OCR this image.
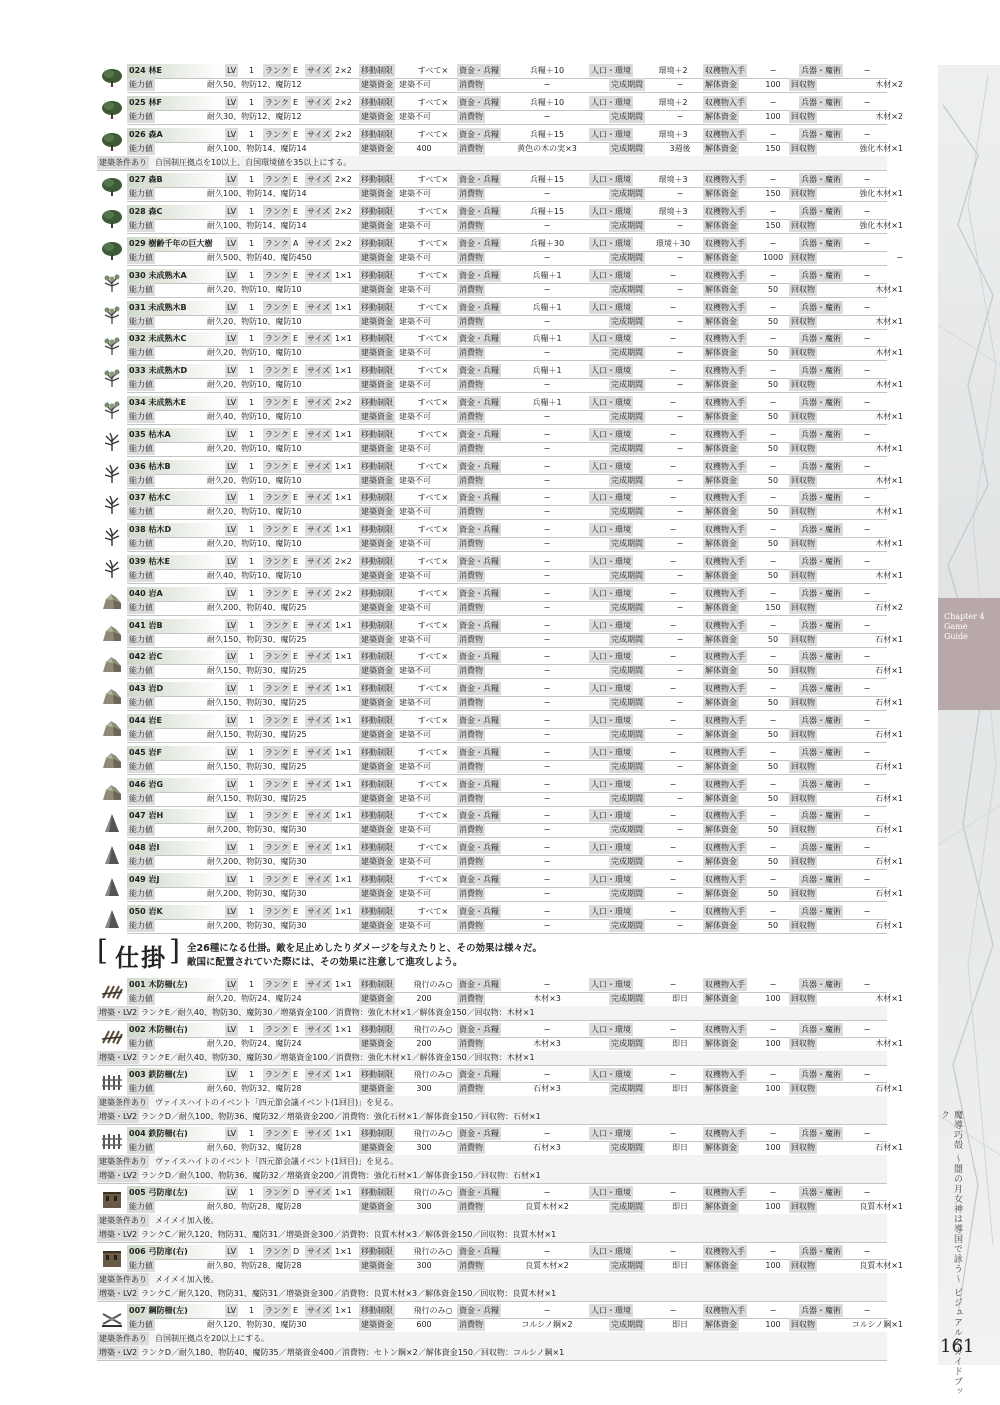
Chapter 4
Game
Guide
魔導巧殻 〜闇の月女神は導国で詠う〜 ビジュアル&ガイドブック
161
024 林E	LV 1 ランク E サイズ 2×2 移動制限	すべて×	資金・兵糧	兵糧＋10	人口・環境	環境＋2	収穫物入手	−	兵器・魔術	−
能力値	耐久50、物防12、魔防12	建築資金 建築不可	消費物	−	完成期間	−	解体資金	100	回収物	木材×2
025 林F	LV 1 ランク E サイズ 2×2 移動制限	すべて×	資金・兵糧	兵糧＋10	人口・環境	環境＋2	収穫物入手	−	兵器・魔術	−
能力値	耐久30、物防12、魔防12	建築資金 建築不可	消費物	−	完成期間	−	解体資金	100	回収物	木材×2
026 森A	LV 1 ランク E サイズ 2×2 移動制限	すべて×	資金・兵糧	兵糧＋15	人口・環境	環境＋3	収穫物入手	−	兵器・魔術	−
能力値	耐久100、物防14、魔防14	建築資金	400	消費物	黄色の木の実×3	完成期間	3週後	解体資金	150	回収物	強化木材×1
建築条件あり 自国制圧拠点を10以上、自国環境値を35以上にする。
027 森B	LV 1 ランク E サイズ 2×2 移動制限	すべて×	資金・兵糧	兵糧＋15	人口・環境	環境＋3	収穫物入手	−	兵器・魔術	−
能力値	耐久100、物防14、魔防14	建築資金 建築不可	消費物	−	完成期間	−	解体資金	150	回収物	強化木材×1
028 森C	LV 1 ランク E サイズ 2×2 移動制限	すべて×	資金・兵糧	兵糧＋15	人口・環境	環境＋3	収穫物入手	−	兵器・魔術	−
能力値	耐久100、物防14、魔防14	建築資金 建築不可	消費物	−	完成期間	−	解体資金	150	回収物	強化木材×1
029 樹齢千年の巨大樹	LV 1 ランク A サイズ 2×2 移動制限	すべて×	資金・兵糧	兵糧＋30	人口・環境	環境＋30	収穫物入手	−	兵器・魔術	−
能力値	耐久500、物防40、魔防450	建築資金 建築不可	消費物	−	完成期間	−	解体資金	1000 回収物	−
030 未成熟木A	LV 1 ランク E サイズ 1×1 移動制限	すべて×	資金・兵糧	兵糧＋1	人口・環境	−	収穫物入手	−	兵器・魔術	−
能力値	耐久20、物防10、魔防10	建築資金 建築不可	消費物	−	完成期間	−	解体資金	50	回収物	木材×1
031 未成熟木B	LV 1 ランク E サイズ 1×1 移動制限	すべて×	資金・兵糧	兵糧＋1	人口・環境	−	収穫物入手	−	兵器・魔術	−
能力値	耐久20、物防10、魔防10	建築資金 建築不可	消費物	−	完成期間	−	解体資金	50	回収物	木材×1
032 未成熟木C	LV 1 ランク E サイズ 1×1 移動制限	すべて×	資金・兵糧	兵糧＋1	人口・環境	−	収穫物入手	−	兵器・魔術	−
能力値	耐久20、物防10、魔防10	建築資金 建築不可	消費物	−	完成期間	−	解体資金	50	回収物	木材×1
033 未成熟木D	LV 1 ランク E サイズ 1×1 移動制限	すべて×	資金・兵糧	兵糧＋1	人口・環境	−	収穫物入手	−	兵器・魔術	−
能力値	耐久20、物防10、魔防10	建築資金 建築不可	消費物	−	完成期間	−	解体資金	50	回収物	木材×1
034 未成熟木E	LV 1 ランク E サイズ 2×2 移動制限	すべて×	資金・兵糧	兵糧＋1	人口・環境	−	収穫物入手	−	兵器・魔術	−
能力値	耐久40、物防10、魔防10	建築資金 建築不可	消費物	−	完成期間	−	解体資金	50	回収物	木材×1
035 枯木A	LV 1 ランク E サイズ 1×1 移動制限	すべて×	資金・兵糧	−	人口・環境	−	収穫物入手	−	兵器・魔術	−
能力値	耐久20、物防10、魔防10	建築資金 建築不可	消費物	−	完成期間	−	解体資金	50	回収物	木材×1
036 枯木B	LV 1 ランク E サイズ 1×1 移動制限	すべて×	資金・兵糧	−	人口・環境	−	収穫物入手	−	兵器・魔術	−
能力値	耐久20、物防10、魔防10	建築資金 建築不可	消費物	−	完成期間	−	解体資金	50	回収物	木材×1
037 枯木C	LV 1 ランク E サイズ 1×1 移動制限	すべて×	資金・兵糧	−	人口・環境	−	収穫物入手	−	兵器・魔術	−
能力値	耐久20、物防10、魔防10	建築資金 建築不可	消費物	−	完成期間	−	解体資金	50	回収物	木材×1
038 枯木D	LV 1 ランク E サイズ 1×1 移動制限	すべて×	資金・兵糧	−	人口・環境	−	収穫物入手	−	兵器・魔術	−
能力値	耐久20、物防10、魔防10	建築資金 建築不可	消費物	−	完成期間	−	解体資金	50	回収物	木材×1
039 枯木E	LV 1 ランク E サイズ 2×2 移動制限	すべて×	資金・兵糧	−	人口・環境	−	収穫物入手	−	兵器・魔術	−
能力値	耐久40、物防10、魔防10	建築資金 建築不可	消費物	−	完成期間	−	解体資金	50	回収物	木材×1
040 岩A	LV 1 ランク E サイズ 2×2 移動制限	すべて×	資金・兵糧	−	人口・環境	−	収穫物入手	−	兵器・魔術	−
能力値	耐久200、物防40、魔防25	建築資金 建築不可	消費物	−	完成期間	−	解体資金	150	回収物	石材×2
041 岩B	LV 1 ランク E サイズ 1×1 移動制限	すべて×	資金・兵糧	−	人口・環境	−	収穫物入手	−	兵器・魔術	−
能力値	耐久150、物防30、魔防25	建築資金 建築不可	消費物	−	完成期間	−	解体資金	50	回収物	石材×1
042 岩C	LV 1 ランク E サイズ 1×1 移動制限	すべて×	資金・兵糧	−	人口・環境	−	収穫物入手	−	兵器・魔術	−
能力値	耐久150、物防30、魔防25	建築資金 建築不可	消費物	−	完成期間	−	解体資金	50	回収物	石材×1
043 岩D	LV 1 ランク E サイズ 1×1 移動制限	すべて×	資金・兵糧	−	人口・環境	−	収穫物入手	−	兵器・魔術	−
能力値	耐久150、物防30、魔防25	建築資金 建築不可	消費物	−	完成期間	−	解体資金	50	回収物	石材×1
044 岩E	LV 1 ランク E サイズ 1×1 移動制限	すべて×	資金・兵糧	−	人口・環境	−	収穫物入手	−	兵器・魔術	−
能力値	耐久150、物防30、魔防25	建築資金 建築不可	消費物	−	完成期間	−	解体資金	50	回収物	石材×1
045 岩F	LV 1 ランク E サイズ 1×1 移動制限	すべて×	資金・兵糧	−	人口・環境	−	収穫物入手	−	兵器・魔術	−
能力値	耐久150、物防30、魔防25	建築資金 建築不可	消費物	−	完成期間	−	解体資金	50	回収物	石材×1
046 岩G	LV 1 ランク E サイズ 1×1 移動制限	すべて×	資金・兵糧	−	人口・環境	−	収穫物入手	−	兵器・魔術	−
能力値	耐久150、物防30、魔防25	建築資金 建築不可	消費物	−	完成期間	−	解体資金	50	回収物	石材×1
047 岩H	LV 1 ランク E サイズ 1×1 移動制限	すべて×	資金・兵糧	−	人口・環境	−	収穫物入手	−	兵器・魔術	−
能力値	耐久200、物防30、魔防30	建築資金 建築不可	消費物	−	完成期間	−	解体資金	50	回収物	石材×1
048 岩I	LV 1 ランク E サイズ 1×1 移動制限	すべて×	資金・兵糧	−	人口・環境	−	収穫物入手	−	兵器・魔術	−
能力値	耐久200、物防30、魔防30	建築資金 建築不可	消費物	−	完成期間	−	解体資金	50	回収物	石材×1
049 岩J	LV 1 ランク E サイズ 1×1 移動制限	すべて×	資金・兵糧	−	人口・環境	−	収穫物入手	−	兵器・魔術	−
能力値	耐久200、物防30、魔防30	建築資金 建築不可	消費物	−	完成期間	−	解体資金	50	回収物	石材×1
050 岩K	LV 1 ランク E サイズ 1×1 移動制限	すべて×	資金・兵糧	−	人口・環境	−	収穫物入手	−	兵器・魔術	−
能力値	耐久200、物防30、魔防30	建築資金 建築不可	消費物	−	完成期間	−	解体資金	50	回収物	石材×1
001 木防柵(左)	LV 1 ランク E サイズ 1×1 移動制限	飛行のみ○ 資金・兵糧	−	人口・環境	−	収穫物入手	−	兵器・魔術	−
能力値	耐久20、物防24、魔防24	建築資金	200	消費物	木材×3	完成期間	即日	解体資金	100	回収物	木材×1
増築・LV2 ランクE／耐久40、物防30、魔防30／増築資金100／消費物：強化木材×1／解体資金150／回収物：木材×1
002 木防柵(右)	LV 1 ランク E サイズ 1×1 移動制限	飛行のみ○ 資金・兵糧	−	人口・環境	−	収穫物入手	−	兵器・魔術	−
能力値	耐久20、物防24、魔防24	建築資金	200	消費物	木材×3	完成期間	即日	解体資金	100	回収物	木材×1
増築・LV2 ランクE／耐久40、物防30、魔防30／増築資金100／消費物：強化木材×1／解体資金150／回収物：木材×1
003 鉄防柵(左)	LV 1 ランク E サイズ 1×1 移動制限	飛行のみ○ 資金・兵糧	−	人口・環境	−	収穫物入手	−	兵器・魔術	−
能力値	耐久60、物防32、魔防28	建築資金	300	消費物	石材×3	完成期間	即日	解体資金	100	回収物	石材×1
建築条件あり ヴァイスハイトのイベント「四元節会議イベント(1回目)」を見る。
増築・LV2 ランクD／耐久100、物防36、魔防32／増築資金200／消費物：強化石材×1／解体資金150／回収物：石材×1
004 鉄防柵(右)	LV 1 ランク E サイズ 1×1 移動制限	飛行のみ○ 資金・兵糧	−	人口・環境	−	収穫物入手	−	兵器・魔術	−
能力値	耐久60、物防32、魔防28	建築資金	300	消費物	石材×3	完成期間	即日	解体資金	100	回収物	石材×1
建築条件あり ヴァイスハイトのイベント「四元節会議イベント(1回目)」を見る。
増築・LV2 ランクD／耐久100、物防36、魔防32／増築資金200／消費物：強化石材×1／解体資金150／回収物：石材×1
005 弓防扉(左)	LV 1 ランク D サイズ 1×1 移動制限	飛行のみ○ 資金・兵糧	−	人口・環境	−	収穫物入手	−	兵器・魔術	−
能力値	耐久80、物防28、魔防28	建築資金	300	消費物	良質木材×2	完成期間	即日	解体資金	100	回収物	良質木材×1
建築条件あり メイメイ加入後。
増築・LV2 ランクC／耐久120、物防31、魔防31／増築資金300／消費物：良質木材×3／解体資金150／回収物：良質木材×1
006 弓防扉(右)	LV 1 ランク D サイズ 1×1 移動制限	飛行のみ○ 資金・兵糧	−	人口・環境	−	収穫物入手	−	兵器・魔術	−
能力値	耐久80、物防28、魔防28	建築資金	300	消費物	良質木材×2	完成期間	即日	解体資金	100	回収物	良質木材×1
建築条件あり メイメイ加入後。
増築・LV2 ランクC／耐久120、物防31、魔防31／増築資金300／消費物：良質木材×3／解体資金150／回収物：良質木材×1
007 鋼防柵(左)	LV 1 ランク E サイズ 1×1 移動制限	飛行のみ○ 資金・兵糧	−	人口・環境	−	収穫物入手	−	兵器・魔術	−
能力値	耐久120、物防30、魔防30	建築資金	600	消費物	コルシノ鋼×2	完成期間	即日	解体資金	100	回収物	コルシノ鋼×1
建築条件あり 自国制圧拠点を20以上にする。
増築・LV2 ランクD／耐久180、物防40、魔防35／増築資金400／消費物：セトン鋼×2／解体資金150／回収物：コルシノ鋼×1
[ 仕掛 ] 全26種になる仕掛。敵を足止めしたりダメージを与えたりと、その効果は様々だ。
敵国に配置されていた際には、その効果に注意して進攻しよう。
